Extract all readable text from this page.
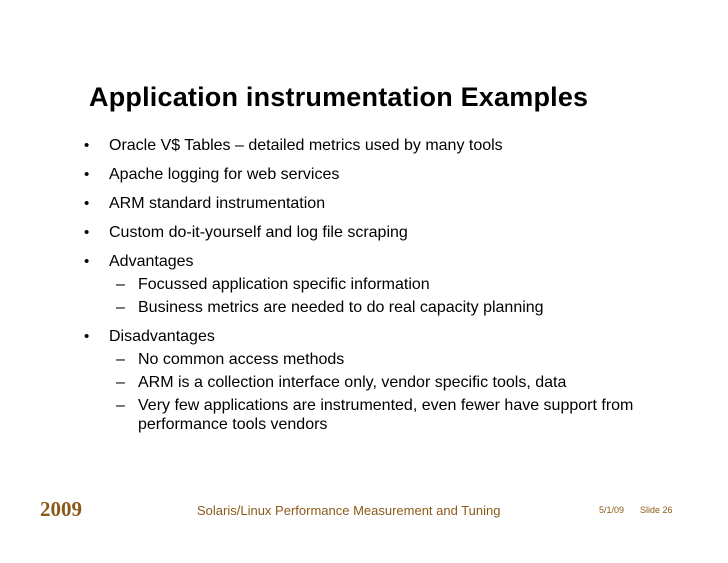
Application instrumentation Examples
• Oracle V$ Tables – detailed metrics used by many tools
• Apache logging for web services
• ARM standard instrumentation
• Custom do-it-yourself and log file scraping
• Advantages
– Focussed application specific information
– Business metrics are needed to do real capacity planning
• Disadvantages
– No common access methods
– ARM is a collection interface only, vendor specific tools, data
– Very few applications are instrumented, even fewer have support from performance tools vendors
2009	Solaris/Linux Performance Measurement and Tuning	5/1/09 Slide 26
